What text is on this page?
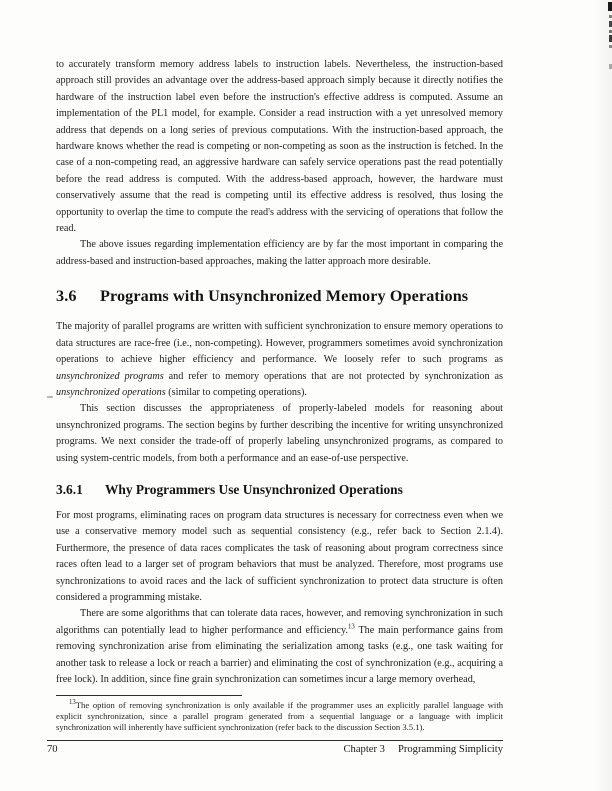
to accurately transform memory address labels to instruction labels. Nevertheless, the instruction-based approach still provides an advantage over the address-based approach simply because it directly notifies the hardware of the instruction label even before the instruction's effective address is computed. Assume an implementation of the PL1 model, for example. Consider a read instruction with a yet unresolved memory address that depends on a long series of previous computations. With the instruction-based approach, the hardware knows whether the read is competing or non-competing as soon as the instruction is fetched. In the case of a non-competing read, an aggressive hardware can safely service operations past the read potentially before the read address is computed. With the address-based approach, however, the hardware must conservatively assume that the read is competing until its effective address is resolved, thus losing the opportunity to overlap the time to compute the read's address with the servicing of operations that follow the read.

The above issues regarding implementation efficiency are by far the most important in comparing the address-based and instruction-based approaches, making the latter approach more desirable.

3.6 Programs with Unsynchronized Memory Operations

The majority of parallel programs are written with sufficient synchronization to ensure memory operations to data structures are race-free (i.e., non-competing). However, programmers sometimes avoid synchronization operations to achieve higher efficiency and performance. We loosely refer to such programs as unsynchronized programs and refer to memory operations that are not protected by synchronization as unsynchronized operations (similar to competing operations).

This section discusses the appropriateness of properly-labeled models for reasoning about unsynchronized programs. The section begins by further describing the incentive for writing unsynchronized programs. We next consider the trade-off of properly labeling unsynchronized programs, as compared to using system-centric models, from both a performance and an ease-of-use perspective.

3.6.1 Why Programmers Use Unsynchronized Operations

For most programs, eliminating races on program data structures is necessary for correctness even when we use a conservative memory model such as sequential consistency (e.g., refer back to Section 2.1.4). Furthermore, the presence of data races complicates the task of reasoning about program correctness since races often lead to a larger set of program behaviors that must be analyzed. Therefore, most programs use synchronizations to avoid races and the lack of sufficient synchronization to protect data structure is often considered a programming mistake.

There are some algorithms that can tolerate data races, however, and removing synchronization in such algorithms can potentially lead to higher performance and efficiency.$^{13}$ The main performance gains from removing synchronization arise from eliminating the serialization among tasks (e.g., one task waiting for another task to release a lock or reach a barrier) and eliminating the cost of synchronization (e.g., acquiring a free lock). In addition, since fine grain synchronization can sometimes incur a large memory overhead,

$^{13}$The option of removing synchronization is only available if the programmer uses an explicitly parallel language with explicit synchronization, since a parallel program generated from a sequential language or a language with implicit synchronization will inherently have sufficient synchronization (refer back to the discussion Section 3.5.1).

70	Chapter 3 Programming Simplicity
